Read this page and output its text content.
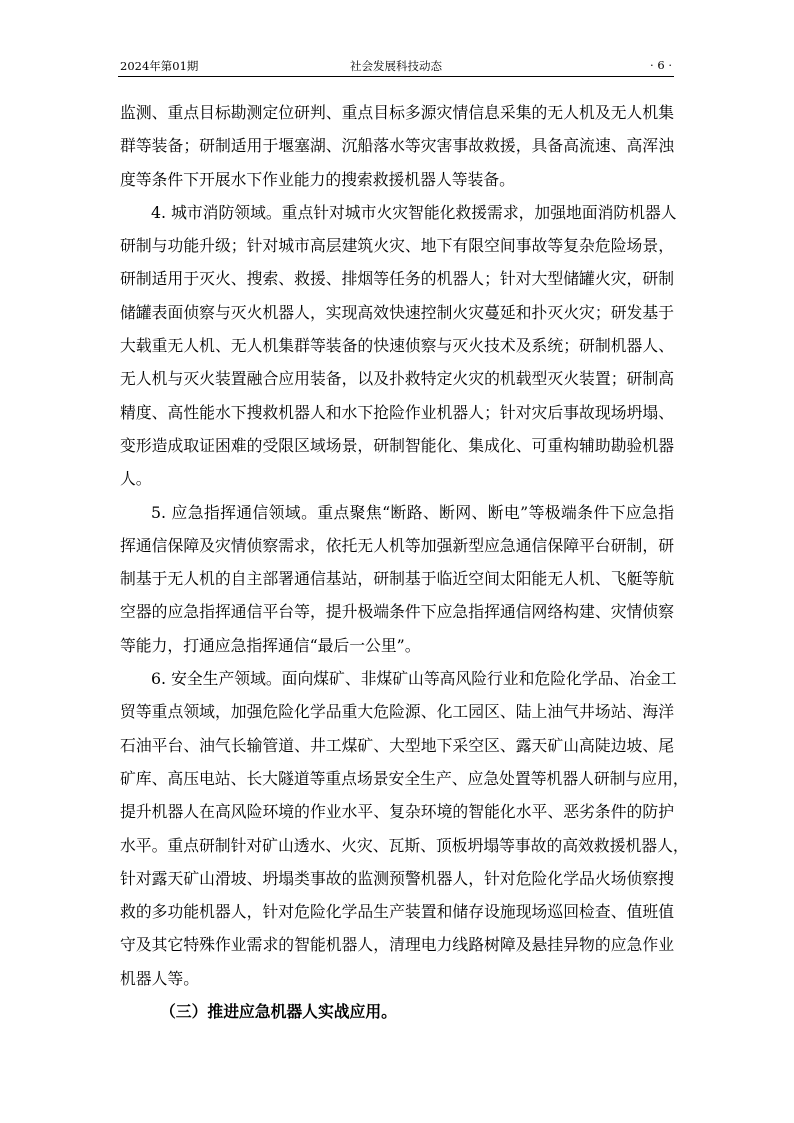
2024年第01期	社会发展科技动态	· 6 ·
监测、重点目标勘测定位研判、重点目标多源灾情信息采集的无人机及无人机集
群等装备；研制适用于堰塞湖、沉船落水等灾害事故救援，具备高流速、高浑浊
度等条件下开展水下作业能力的搜索救援机器人等装备。
4. 城市消防领域。重点针对城市火灾智能化救援需求，加强地面消防机器人
研制与功能升级；针对城市高层建筑火灾、地下有限空间事故等复杂危险场景，
研制适用于灭火、搜索、救援、排烟等任务的机器人；针对大型储罐火灾，研制
储罐表面侦察与灭火机器人，实现高效快速控制火灾蔓延和扑灭火灾；研发基于
大载重无人机、无人机集群等装备的快速侦察与灭火技术及系统；研制机器人、
无人机与灭火装置融合应用装备，以及扑救特定火灾的机载型灭火装置；研制高
精度、高性能水下搜救机器人和水下抢险作业机器人；针对灾后事故现场坍塌、
变形造成取证困难的受限区域场景，研制智能化、集成化、可重构辅助勘验机器
人。
5. 应急指挥通信领域。重点聚焦“断路、断网、断电”等极端条件下应急指
挥通信保障及灾情侦察需求，依托无人机等加强新型应急通信保障平台研制，研
制基于无人机的自主部署通信基站，研制基于临近空间太阳能无人机、飞艇等航
空器的应急指挥通信平台等，提升极端条件下应急指挥通信网络构建、灾情侦察
等能力，打通应急指挥通信“最后一公里”。
6. 安全生产领域。面向煤矿、非煤矿山等高风险行业和危险化学品、冶金工
贸等重点领域，加强危险化学品重大危险源、化工园区、陆上油气井场站、海洋
石油平台、油气长输管道、井工煤矿、大型地下采空区、露天矿山高陡边坡、尾
矿库、高压电站、长大隧道等重点场景安全生产、应急处置等机器人研制与应用，
提升机器人在高风险环境的作业水平、复杂环境的智能化水平、恶劣条件的防护
水平。重点研制针对矿山透水、火灾、瓦斯、顶板坍塌等事故的高效救援机器人，
针对露天矿山滑坡、坍塌类事故的监测预警机器人，针对危险化学品火场侦察搜
救的多功能机器人，针对危险化学品生产装置和储存设施现场巡回检查、值班值
守及其它特殊作业需求的智能机器人，清理电力线路树障及悬挂异物的应急作业
机器人等。
（三）推进应急机器人实战应用。
